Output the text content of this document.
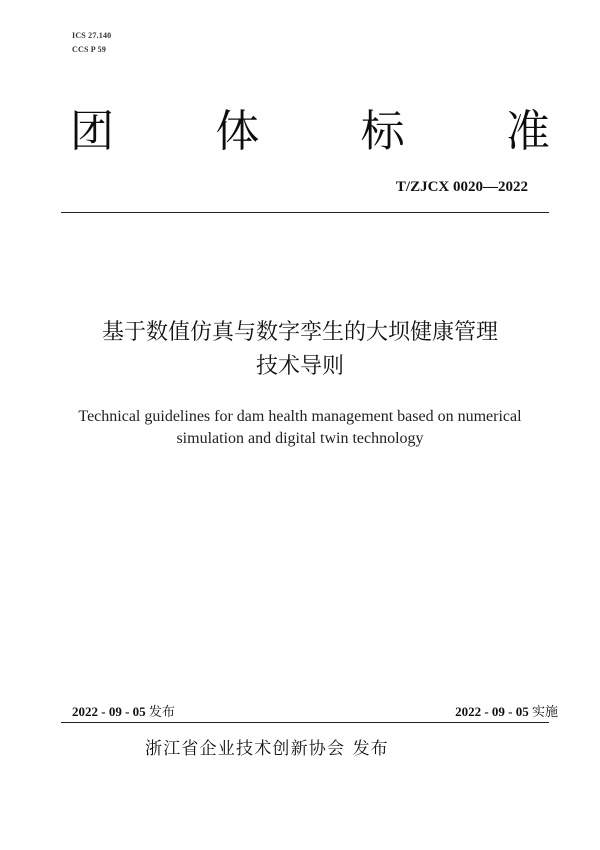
ICS 27.140
CCS P 59
团 体 标 准
T/ZJCX 0020—2022
基于数值仿真与数字孪生的大坝健康管理
技术导则
Technical guidelines for dam health management based on numerical
simulation and digital twin technology
2022 - 09 - 05 发布	2022 - 09 - 05 实施
浙江省企业技术创新协会 发布
